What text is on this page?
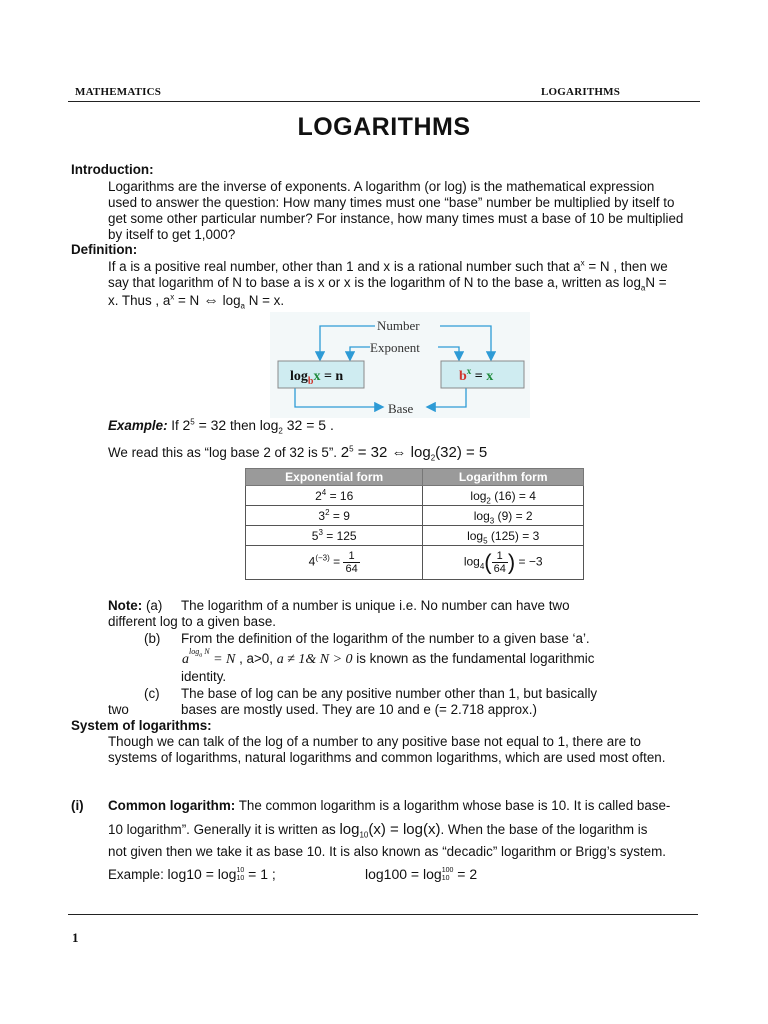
MATHEMATICS	LOGARITHMS
LOGARITHMS
Introduction:
Logarithms are the inverse of exponents. A logarithm (or log) is the mathematical expression
used to answer the question: How many times must one “base” number be multiplied by itself to
get some other particular number? For instance, how many times must a base of 10 be multiplied
by itself to get 1,000?
Definition:
If a is a positive real number, other than 1 and x is a rational number such that $a^x = N$ , then we
say that logarithm of N to base a is x or x is the logarithm of N to the base a, written as $\log_aN$ =
x. Thus , $a^x = N$ ⇔ $\log_a N = x$.
$\log_bx = n$	$b^x = x$
Number
Exponent
Base
Example: If $2^5 = 32$ then $\log_2 32 = 5$ .
We read this as “log base 2 of 32 is 5”. $2^5 = 32$ ⇔ $\log_2(32) = 5$
Exponential form	Logarithm form
$2^4 = 16$	$\log_2 (16) = 4$
$3^2 = 9$	$\log_3 (9) = 2$
$5^3 = 125$	$\log_5 (125) = 3$
$4^{(-3)} = \frac{1}{64}$	$\log_4( \frac{1}{64}$ ) = −3
Note: (a) The logarithm of a number is unique i.e. No number can have two
different log to a given base.
(b) From the definition of the logarithm of the number to a given base ‘a’.
$a^{log_a N} = N$ , a>0, a ≠ 1& N > 0 is known as the fundamental logarithmic
identity.
(c) The base of log can be any positive number other than 1, but basically
two	bases are mostly used. They are 10 and e (= 2.718 approx.)
System of logarithms:
Though we can talk of the log of a number to any positive base not equal to 1, there are to
systems of logarithms, natural logarithms and common logarithms, which are used most often.
(i) Common logarithm: The common logarithm is a logarithm whose base is 10. It is called base-
10 logarithm”. Generally it is written as $\log_{10}(x) = \log(x)$. When the base of the logarithm is
not given then we take it as base 10. It is also known as “decadic” logarithm or Brigg’s system.
Example: log10 = log 10
10 = 1 ;	log100 = log 100
10 = 2
1
